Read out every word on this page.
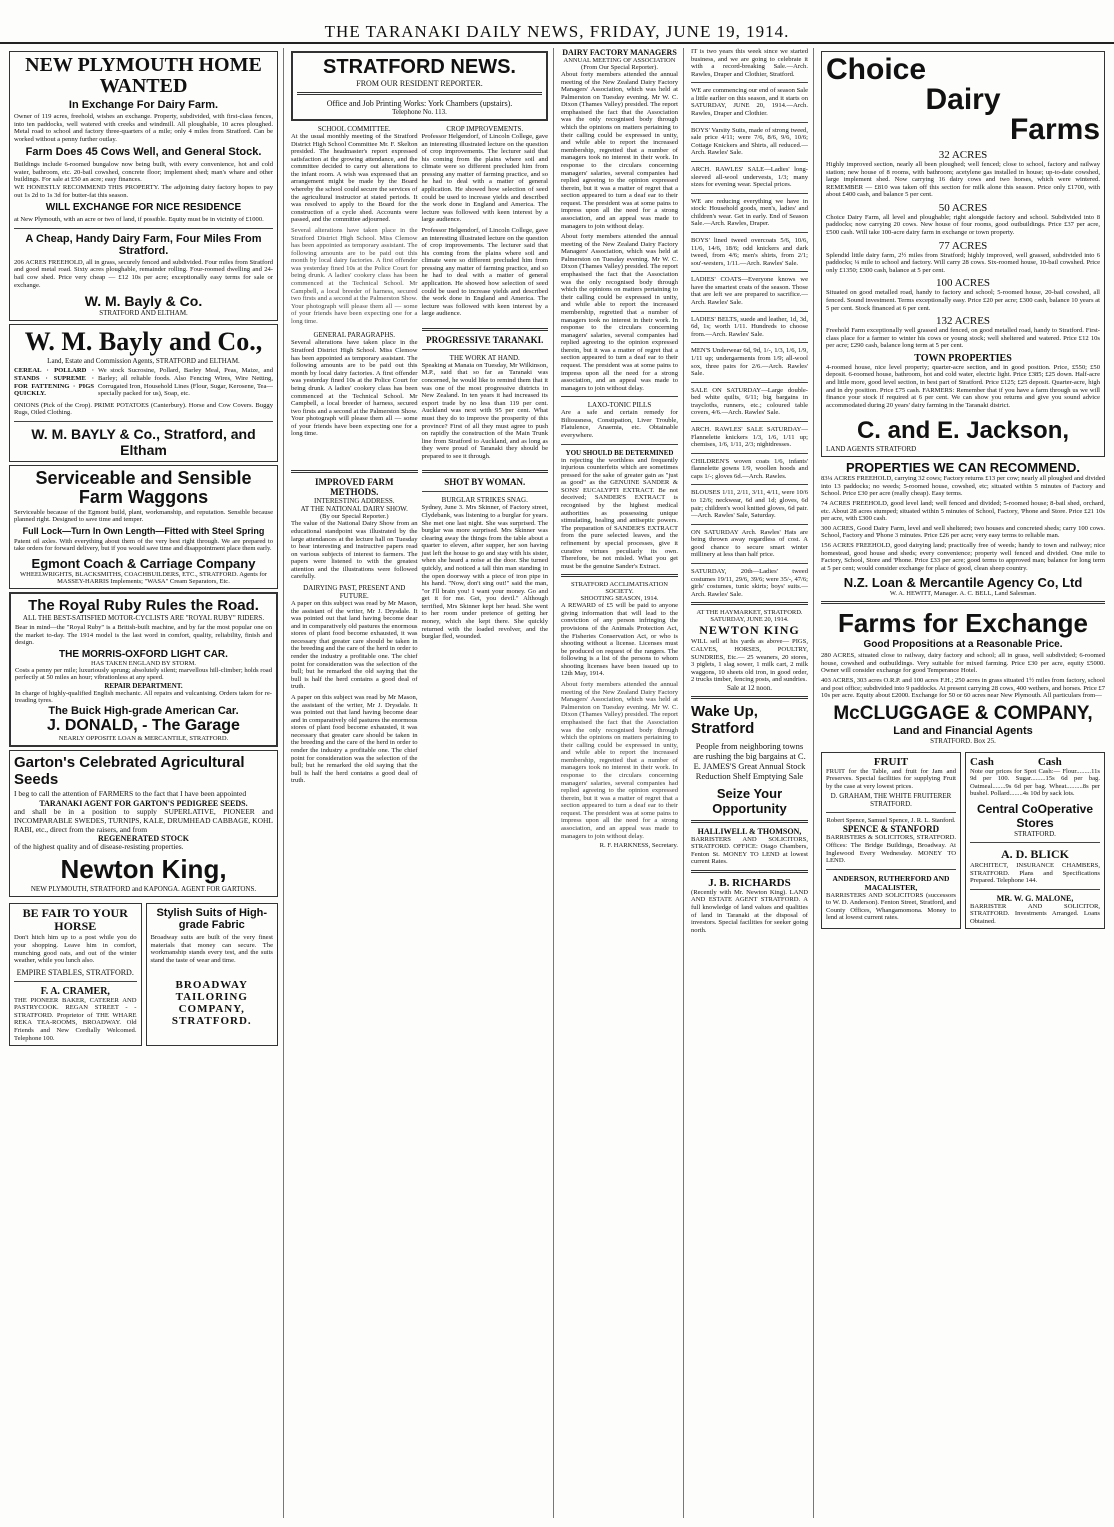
THE TARANAKI DAILY NEWS, FRIDAY, JUNE 19, 1914.
NEW PLYMOUTH HOME WANTED
In Exchange For Dairy Farm.
Owner of 119 acres, freehold, wishes an exchange. Property, subdivided, with first-class fences, into ten paddocks, well watered with creeks and windmill. All ploughable, 10 acres ploughed. Metal road to school and factory three-quarters of a mile; only 4 miles from Stratford. Can be worked without a penny further outlay.
Farm Does 45 Cows Well, and General Stock.
Buildings include 6-roomed bungalow now being built, with every convenience, hot and cold water, bathroom, etc. 20-bail cowshed, concrete floor; implement shed; man's whare and other buildings. For sale at £50 an acre; easy finances.
WE HONESTLY RECOMMEND THIS PROPERTY. The adjoining dairy factory hopes to pay out 1s 2d to 1s 3d for butter-fat this season.
WILL EXCHANGE FOR NICE RESIDENCE
at New Plymouth, with an acre or two of land, if possible. Equity must be in vicinity of £1000.
A Cheap, Handy Dairy Farm, Four Miles From Stratford.
206 ACRES FREEHOLD, all in grass, securely fenced and subdivided. Four miles from Stratford and good metal road. Sixty acres ploughable, remainder rolling. Four-roomed dwelling and 24-bail cow shed. Price very cheap — £12 10s per acre; exceptionally easy terms for sale or exchange.
W. M. Bayly & Co.
STRATFORD AND ELTHAM.
W. M. Bayly and Co.,
Land, Estate and Commission Agents, STRATFORD and ELTHAM.
CEREAL · POLLARD · STANDS · SUPREME · FOR FATTENING · PIGS QUICKLY.
We stock Sucrosine, Pollard, Barley Meal, Peas, Maize, and Barley; all reliable foods. Also Fencing Wires, Wire Netting, Corrugated Iron, Household Lines (Flour, Sugar, Kerosene, Tea—specially packed for us), Soap, etc.
ONIONS (Pick of the Crop). PRIME POTATOES (Canterbury). Horse and Cow Covers. Buggy Rugs, Oiled Clothing.
W. M. BAYLY & Co., Stratford, and Eltham
Serviceable and Sensible Farm Waggons
Serviceable because of the Egmont build, plant, workmanship, and reputation. Sensible because planned right. Designed to save time and temper.
Full Lock—Turn In Own Length—Fitted with Steel Spring
Patent oil axles. With everything about them of the very best right through. We are prepared to take orders for forward delivery, but if you would save time and disappointment place them early.
Egmont Coach & Carriage Company
WHEELWRIGHTS, BLACKSMITHS, COACHBUILDERS, ETC., STRATFORD. Agents for MASSEY-HARRIS Implements; "WASA" Cream Separators, Etc.
The Royal Ruby Rules the Road.
ALL THE BEST-SATISFIED MOTOR-CYCLISTS ARE "ROYAL RUBY" RIDERS.
Bear in mind—the "Royal Ruby" is a British-built machine, and by far the most popular one on the market to-day. The 1914 model is the last word in comfort, quality, reliability, finish and design.
THE MORRIS-OXFORD LIGHT CAR.
HAS TAKEN ENGLAND BY STORM.
Costs a penny per mile; luxuriously sprung; absolutely silent; marvellous hill-climber; holds road perfectly at 50 miles an hour; vibrationless at any speed.
REPAIR DEPARTMENT.
In charge of highly-qualified English mechanic. All repairs and vulcanising. Orders taken for re-treading tyres.
The Buick High-grade American Car.
J. DONALD, - The Garage
NEARLY OPPOSITE LOAN & MERCANTILE, STRATFORD.
Garton's Celebrated Agricultural Seeds
I beg to call the attention of FARMERS to the fact that I have been appointed
TARANAKI AGENT FOR GARTON'S PEDIGREE SEEDS.
and shall be in a position to supply SUPERLATIVE, PIONEER and INCOMPARABLE SWEDES, TURNIPS, KALE, DRUMHEAD CABBAGE, KOHL RABI, etc., direct from the raisers, and from
REGENERATED STOCK
of the highest quality and of disease-resisting properties.
Newton King,
NEW PLYMOUTH, STRATFORD and KAPONGA. AGENT FOR GARTONS.
BE FAIR TO YOUR HORSE
Don't hitch him up to a post while you do your shopping. Leave him in comfort, munching good oats, and out of the winter weather, while you lunch also.
EMPIRE STABLES, STRATFORD.
F. A. CRAMER,
THE PIONEER BAKER, CATERER AND PASTRYCOOK. REGAN STREET - - STRATFORD. Proprietor of THE WHARE REKA TEA-ROOMS, BROADWAY. Old Friends and New Cordially Welcomed. Telephone 100.
Stylish Suits of High-grade Fabric
Broadway suits are built of the very finest materials that money can secure. The workmanship stands every test, and the suits stand the taste of wear and time.
BROADWAY TAILORING COMPANY, STRATFORD.
STRATFORD NEWS.
FROM OUR RESIDENT REPORTER.
Office and Job Printing Works: York Chambers (upstairs).
Telephone No. 113.
SCHOOL COMMITTEE.
At the usual monthly meeting of the Stratford District High School Committee Mr. F. Skelton presided. The headmaster's report expressed satisfaction at the growing attendance, and the committee decided to carry out alterations to the infant room. A wish was expressed that an arrangement might be made by the Board whereby the school could secure the services of the agricultural instructor at stated periods. It was resolved to apply to the Board for the construction of a cycle shed. Accounts were passed, and the committee adjourned.
Several alterations have taken place in the Stratford District High School. Miss Clemow has been appointed as temporary assistant. The following amounts are to be paid out this month by local dairy factories. A first offender was yesterday fined 10s at the Police Court for being drunk. A ladies' cookery class has been commenced at the Technical School. Mr Campbell, a local breeder of harness, secured two firsts and a second at the Palmerston Show. Your photograph will please them all — some of your friends have been expecting one for a long time.
GENERAL PARAGRAPHS.
Several alterations have taken place in the Stratford District High School. Miss Clemow has been appointed as temporary assistant. The following amounts are to be paid out this month by local dairy factories. A first offender was yesterday fined 10s at the Police Court for being drunk. A ladies' cookery class has been commenced at the Technical School. Mr Campbell, a local breeder of harness, secured two firsts and a second at the Palmerston Show. Your photograph will please them all — some of your friends have been expecting one for a long time.
CROP IMPROVEMENTS.
Professor Helgendorf, of Lincoln College, gave an interesting illustrated lecture on the question of crop improvements. The lecturer said that his coming from the plains where soil and climate were so different precluded him from pressing any matter of farming practice, and so he had to deal with a matter of general application. He showed how selection of seed could be used to increase yields and described the work done in England and America. The lecture was followed with keen interest by a large audience.
Professor Helgendorf, of Lincoln College, gave an interesting illustrated lecture on the question of crop improvements. The lecturer said that his coming from the plains where soil and climate were so different precluded him from pressing any matter of farming practice, and so he had to deal with a matter of general application. He showed how selection of seed could be used to increase yields and described the work done in England and America. The lecture was followed with keen interest by a large audience.
PROGRESSIVE TARANAKI.
THE WORK AT HAND.
Speaking at Manaia on Tuesday, Mr Wilkinson, M.P., said that so far as Taranaki was concerned, he would like to remind them that it was one of the most progressive districts in New Zealand. In ten years it had increased its export trade by no less than 119 per cent. Auckland was next with 95 per cent. What must they do to improve the prosperity of this province? First of all they must agree to push on rapidly the construction of the Main Trunk line from Stratford to Auckland, and as long as they were proud of Taranaki they should be prepared to see it through.
IMPROVED FARM METHODS.
INTERESTING ADDRESS.
AT THE NATIONAL DAIRY SHOW.
(By our Special Reporter.)
The value of the National Dairy Show from an educational standpoint was illustrated by the large attendances at the lecture hall on Tuesday to hear interesting and instructive papers read on various subjects of interest to farmers. The papers were listened to with the greatest attention and the illustrations were followed carefully.
DAIRYING PAST, PRESENT AND FUTURE.
A paper on this subject was read by Mr Mason, the assistant of the writer, Mr J. Drysdale. It was pointed out that land having become dear and in comparatively old pastures the enormous stores of plant food become exhausted, it was necessary that greater care should be taken in the breeding and the care of the herd in order to render the industry a profitable one. The chief point for consideration was the selection of the bull; but he remarked the old saying that the bull is half the herd contains a good deal of truth.
A paper on this subject was read by Mr Mason, the assistant of the writer, Mr J. Drysdale. It was pointed out that land having become dear and in comparatively old pastures the enormous stores of plant food become exhausted, it was necessary that greater care should be taken in the breeding and the care of the herd in order to render the industry a profitable one. The chief point for consideration was the selection of the bull; but he remarked the old saying that the bull is half the herd contains a good deal of truth.
SHOT BY WOMAN.
BURGLAR STRIKES SNAG.
Sydney, June 3. Mrs Skinner, of Factory street, Clydebank, was listening to a burglar for years. She met one last night. She was surprised. The burglar was more surprised. Mrs Skinner was clearing away the things from the table about a quarter to eleven, after supper, her son having just left the house to go and stay with his sister, when she heard a noise at the door. She turned quickly, and noticed a tall thin man standing in the open doorway with a piece of iron pipe in his hand. "Now, don't sing out!" said the man, "or I'll brain you! I want your money. Go and get it for me. Get, you devil." Although terrified, Mrs Skinner kept her head. She went to her room under pretence of getting her money, which she kept there. She quickly returned with the loaded revolver, and the burglar fled, wounded.
DAIRY FACTORY MANAGERS
ANNUAL MEETING OF ASSOCIATION
(From Our Special Reporter).
About forty members attended the annual meeting of the New Zealand Dairy Factory Managers' Association, which was held at Palmerston on Tuesday evening. Mr W. C. Dixon (Thames Valley) presided. The report emphasised the fact that the Association was the only recognised body through which the opinions on matters pertaining to their calling could be expressed in unity, and while able to report the increased membership, regretted that a number of managers took no interest in their work. In response to the circulars concerning managers' salaries, several companies had replied agreeing to the opinion expressed therein, but it was a matter of regret that a section appeared to turn a deaf ear to their request. The president was at some pains to impress upon all the need for a strong association, and an appeal was made to managers to join without delay.
About forty members attended the annual meeting of the New Zealand Dairy Factory Managers' Association, which was held at Palmerston on Tuesday evening. Mr W. C. Dixon (Thames Valley) presided. The report emphasised the fact that the Association was the only recognised body through which the opinions on matters pertaining to their calling could be expressed in unity, and while able to report the increased membership, regretted that a number of managers took no interest in their work. In response to the circulars concerning managers' salaries, several companies had replied agreeing to the opinion expressed therein, but it was a matter of regret that a section appeared to turn a deaf ear to their request. The president was at some pains to impress upon all the need for a strong association, and an appeal was made to managers to join without delay.
LAXO-TONIC PILLS
Are a safe and certain remedy for Biliousness, Constipation, Liver Trouble, Flatulence, Anaemia, etc. Obtainable everywhere.
YOU SHOULD BE DETERMINED
in rejecting the worthless and frequently injurious counterfeits which are sometimes pressed for the sake of greater gain as "just as good" as the GENUINE SANDER & SONS' EUCALYPTI EXTRACT. Be not deceived; SANDER'S EXTRACT is recognised by the highest medical authorities as possessing unique stimulating, healing and antiseptic powers. The preparation of SANDER'S EXTRACT from the pure selected leaves, and the refinement by special processes, give it curative virtues peculiarly its own. Therefore, be not misled. What you get must be the genuine Sander's Extract.
STRATFORD ACCLIMATISATION SOCIETY.
SHOOTING SEASON, 1914.
A REWARD of £5 will be paid to anyone giving information that will lead to the conviction of any person infringing the provisions of the Animals Protection Act, the Fisheries Conservation Act, or who is shooting without a license. Licenses must be produced on request of the rangers. The following is a list of the persons to whom shooting licenses have been issued up to 12th May, 1914.
About forty members attended the annual meeting of the New Zealand Dairy Factory Managers' Association, which was held at Palmerston on Tuesday evening. Mr W. C. Dixon (Thames Valley) presided. The report emphasised the fact that the Association was the only recognised body through which the opinions on matters pertaining to their calling could be expressed in unity, and while able to report the increased membership, regretted that a number of managers took no interest in their work. In response to the circulars concerning managers' salaries, several companies had replied agreeing to the opinion expressed therein, but it was a matter of regret that a section appeared to turn a deaf ear to their request. The president was at some pains to impress upon all the need for a strong association, and an appeal was made to managers to join without delay.
R. F. HARKNESS, Secretary.
IT is two years this week since we started business, and we are going to celebrate it with a record-breaking Sale.—Arch. Rawles, Draper and Clothier, Stratford.
WE are commencing our end of season Sale a little earlier on this season, and it starts on SATURDAY, JUNE 20, 1914.—Arch. Rawles, Draper and Clothier.
BOYS' Varsity Suits, made of strong tweed, sale price 4/11; were 7/6, 8/6, 9/6, 10/6; Cottage Knickers and Shirts, all reduced.—Arch. Rawles' Sale.
ARCH. RAWLES' SALE—Ladies' long-sleeved all-wool undervests, 1/3; many sizes for evening wear. Special prices.
WE are reducing everything we have in stock: Household goods, men's, ladies' and children's wear. Get in early. End of Season Sale.—Arch. Rawles, Draper.
BOYS' lined tweed overcoats 5/6, 10/6, 11/6, 14/6, 18/6; odd knickers and dark tweed, from 4/6; men's shirts, from 2/1; sou'-westers, 1/11.—Arch. Rawles' Sale.
LADIES' COATS—Everyone knows we have the smartest coats of the season. Those that are left we are prepared to sacrifice.—Arch. Rawles' Sale.
LADIES' BELTS, suede and leather, 1d, 3d, 6d, 1s; worth 1/11. Hundreds to choose from.—Arch. Rawles' Sale.
MEN'S Underwear 6d, 9d, 1/-, 1/3, 1/6, 1/9, 1/11 up; undergarments from 1/9; all-wool sox, three pairs for 2/6.—Arch. Rawles' Sale.
SALE ON SATURDAY—Large double-bed white quilts, 6/11; big bargains in traycloths, runners, etc.; coloured table covers, 4/6.—Arch. Rawles' Sale.
ARCH. RAWLES' SALE SATURDAY—Flannelette knickers 1/3, 1/6, 1/11 up; chemises, 1/6, 1/11, 2/3; nightdresses.
CHILDREN'S woven coats 1/6, infants' flannelette gowns 1/9, woollen hoods and caps 1/-; gloves 6d.—Arch. Rawles.
BLOUSES 1/11, 2/11, 3/11, 4/11, were 10/6 to 12/6; neckwear, 6d and 1d; gloves, 6d pair; children's wool knitted gloves, 6d pair.—Arch. Rawles' Sale, Saturday.
ON SATURDAY Arch. Rawles' Hats are being thrown away regardless of cost. A good chance to secure smart winter millinery at less than half price.
SATURDAY, 20th—Ladies' tweed costumes 19/11, 29/6, 39/6; were 35/-, 47/6; girls' costumes, tunic skirts; boys' suits.—Arch. Rawles' Sale.
AT THE HAYMARKET, STRATFORD.
SATURDAY, JUNE 20, 1914.
NEWTON KING
WILL sell at his yards as above— PIGS, CALVES, HORSES, POULTRY, SUNDRIES, Etc.— 25 weaners, 20 stores, 3 piglets, 1 slag sower, 1 milk cart, 2 milk waggons, 10 sheets old iron, in good order, 2 trucks timber, fencing posts, and sundries.
Sale at 12 noon.
Wake Up, Stratford
People from neighboring towns are rushing the big bargains at C. E. JAMES'S Great Annual Stock Reduction Shelf Emptying Sale
Seize Your Opportunity
HALLIWELL & THOMSON,
BARRISTERS AND SOLICITORS, STRATFORD. OFFICE: Otago Chambers, Fenton St. MONEY TO LEND at lowest current Rates.
J. B. RICHARDS
(Recently with Mr. Newton King). LAND AND ESTATE AGENT STRATFORD. A full knowledge of land values and qualities of land in Taranaki at the disposal of investors. Special facilities for seeker going north.
Choice
Dairy
Farms
32 ACRES
Highly improved section, nearly all been ploughed; well fenced; close to school, factory and railway station; new house of 8 rooms, with bathroom; acetylene gas installed in house; up-to-date cowshed, large implement shed. Now carrying 16 dairy cows and two horses, which were wintered. REMEMBER — £810 was taken off this section for milk alone this season. Price only £1700, with about £400 cash, and balance 5 per cent.
50 ACRES
Choice Dairy Farm, all level and ploughable; right alongside factory and school. Subdivided into 8 paddocks; now carrying 20 cows. New house of four rooms, good outbuildings. Price £37 per acre, £500 cash. Will take 100-acre dairy farm in exchange or town property.
77 ACRES
Splendid little dairy farm, 2½ miles from Stratford; highly improved, well grassed, subdivided into 6 paddocks; ¼ mile to school and factory. Will carry 28 cows. Six-roomed house, 10-bail cowshed. Price only £1350; £300 cash, balance at 5 per cent.
100 ACRES
Situated on good metalled road, handy to factory and school; 5-roomed house, 20-bail cowshed, all fenced. Sound investment. Terms exceptionally easy. Price £20 per acre; £300 cash, balance 10 years at 5 per cent. Stock financed at 6 per cent.
132 ACRES
Freehold Farm exceptionally well grassed and fenced, on good metalled road, handy to Stratford. First-class place for a farmer to winter his cows or young stock; well sheltered and watered. Price £12 10s per acre; £290 cash, balance long term at 5 per cent.
TOWN PROPERTIES
4-roomed house, nice level property; quarter-acre section, and in good position. Price, £550; £50 deposit. 6-roomed house, bathroom, hot and cold water, electric light. Price £385; £25 down. Half-acre and little more, good level section, in best part of Stratford. Price £125; £25 deposit. Quarter-acre, high and in dry position. Price £75 cash. FARMERS: Remember that if you have a farm through us we will finance your stock if required at 6 per cent. We can show you returns and give you sound advice accommodated during 20 years' dairy farming in the Taranaki district.
C. and E. Jackson,
LAND AGENTS STRATFORD
PROPERTIES WE CAN RECOMMEND.
83¼ ACRES FREEHOLD, carrying 32 cows; Factory returns £13 per cow; nearly all ploughed and divided into 13 paddocks; no weeds; 5-roomed house, cowshed, etc; situated within 5 minutes of Factory and School. Price £30 per acre (really cheap). Easy terms.
74 ACRES FREEHOLD, good level land; well fenced and divided; 5-roomed house; 8-bail shed, orchard, etc. About 28 acres stumped; situated within 5 minutes of School, Factory, 'Phone and Store. Price £21 10s per acre, with £300 cash.
300 ACRES, Good Dairy Farm, level and well sheltered; two houses and concreted sheds; carry 100 cows. School, Factory and 'Phone 3 minutes. Price £26 per acre; very easy terms to reliable man.
156 ACRES FREEHOLD, good dairying land; practically free of weeds; handy to town and railway; nice homestead, good house and sheds; every convenience; property well fenced and divided. One mile to Factory, School, Store and 'Phone. Price £33 per acre; good terms to approved man; balance for long term at 5 per cent; would consider exchange for place of good, clean sheep country.
N.Z. Loan & Mercantile Agency Co, Ltd
W. A. HEWITT, Manager. A. C. BELL, Land Salesman.
Farms for Exchange
Good Propositions at a Reasonable Price.
280 ACRES, situated close to railway, dairy factory and school; all in grass, well subdivided; 6-roomed house, cowshed and outbuildings. Very suitable for mixed farming. Price £30 per acre, equity £5000. Owner will consider exchange for good Temperance Hotel.
403 ACRES, 303 acres O.R.P. and 100 acres F.H.; 250 acres in grass situated 1½ miles from factory, school and post office; subdivided into 9 paddocks. At present carrying 28 cows, 400 wethers, and horses. Price £7 10s per acre. Equity about £2000. Exchange for 50 or 60 acres near New Plymouth. All particulars from—
McCLUGGAGE & COMPANY,
Land and Financial Agents
STRATFORD. Box 25.
FRUIT
FRUIT for the Table, and fruit for Jam and Preserves. Special facilities for supplying Fruit by the case at very lowest prices.
D. GRAHAM, THE WHITE FRUITERER STRATFORD.
Robert Spence, Samuel Spence, J. R. L. Stanford.
SPENCE & STANFORD
BARRISTERS & SOLICITORS, STRATFORD. Offices: The Bridge Buildings, Broadway. At Inglewood Every Wednesday. MONEY TO LEND.
ANDERSON, RUTHERFORD AND MACALISTER,
BARRISTERS AND SOLICITORS (successors to W. D. Anderson). Fenton Street, Stratford, and County Offices, Whangamomona. Money to lend at lowest current rates.
Cash                Cash
Note our prices for Spot Cash:— Flour.........11s 9d per 100. Sugar.........15s 6d per bag. Oatmeal........9s 6d per bag. Wheat..........8s per bushel. Pollard........4s 10d by sack lots.
Central CoOperative Stores
STRATFORD.
A. D. BLICK
ARCHITECT, INSURANCE CHAMBERS, STRATFORD. Plans and Specifications Prepared. Telephone 144.
MR. W. G. MALONE,
BARRISTER AND SOLICITOR, STRATFORD. Investments Arranged. Loans Obtained.
